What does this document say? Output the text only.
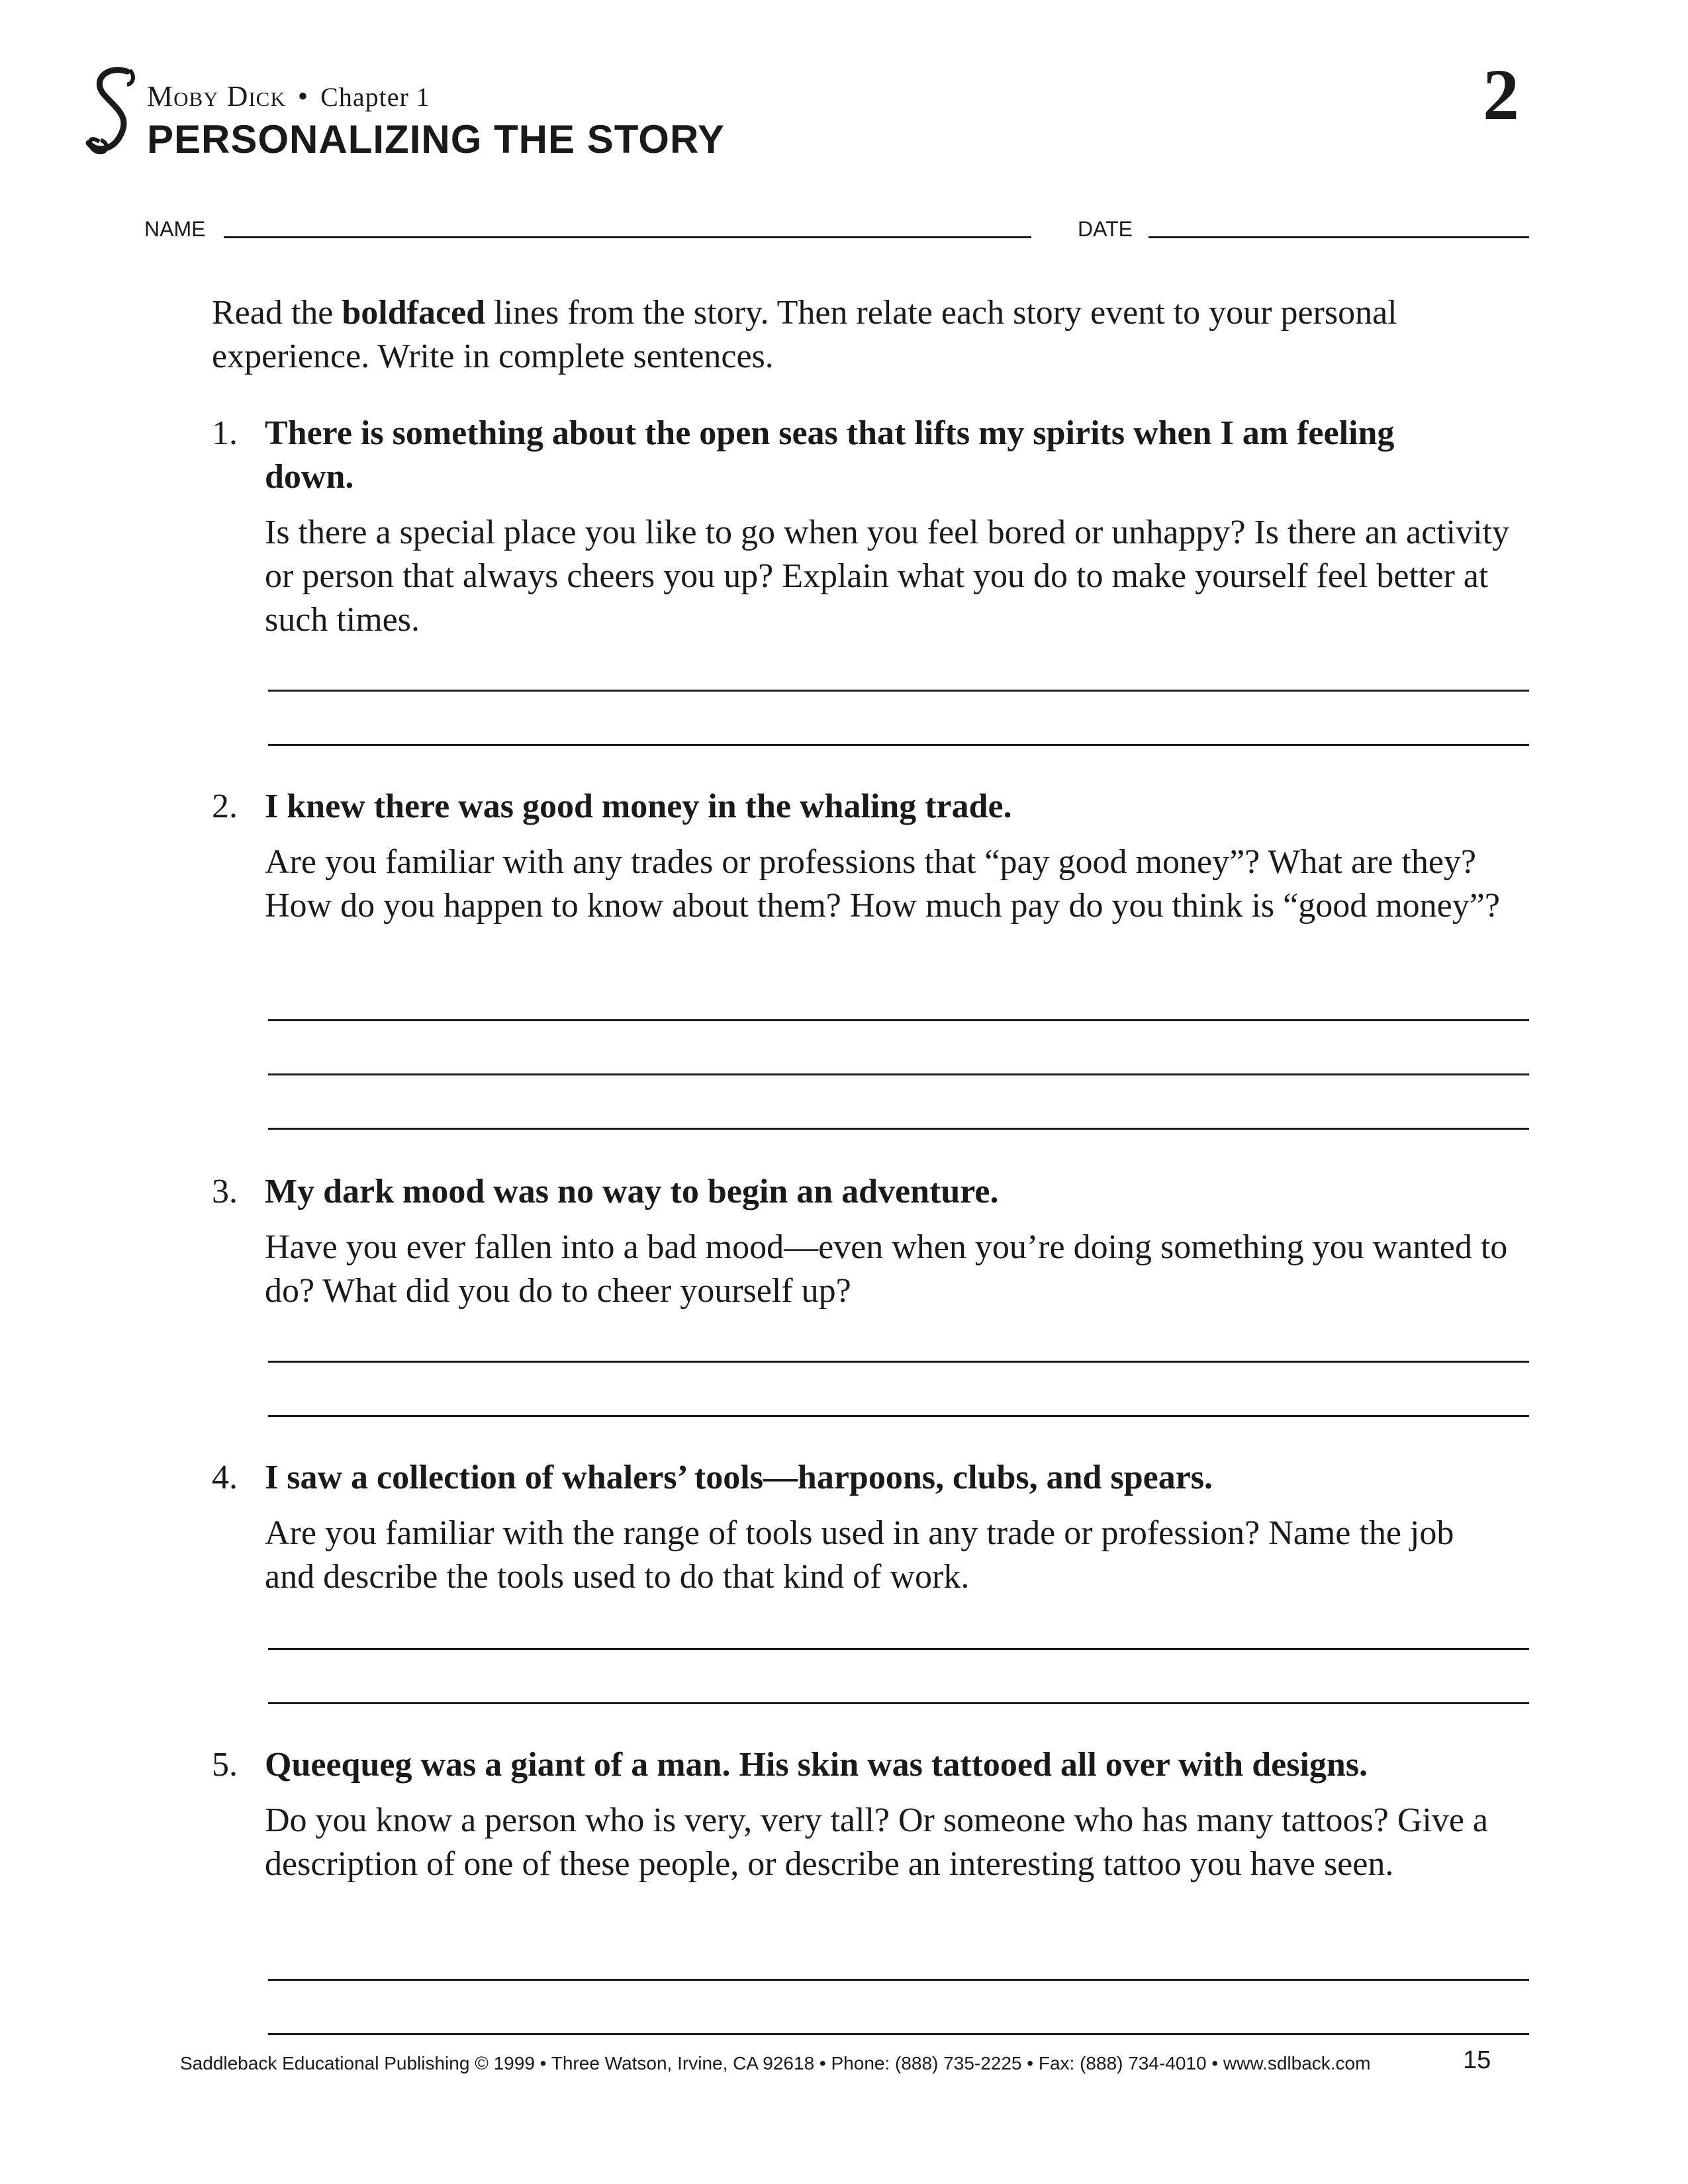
Moby Dick • Chapter 1
PERSONALIZING THE STORY
2
NAME	DATE
Read the boldfaced lines from the story. Then relate each story event to your personal experience. Write in complete sentences.
1. There is something about the open seas that lifts my spirits when I am feeling down.
Is there a special place you like to go when you feel bored or unhappy? Is there an activity or person that always cheers you up? Explain what you do to make yourself feel better at such times.
2. I knew there was good money in the whaling trade.
Are you familiar with any trades or professions that “pay good money”? What are they? How do you happen to know about them? How much pay do you think is “good money”?
3. My dark mood was no way to begin an adventure.
Have you ever fallen into a bad mood—even when you’re doing something you wanted to do? What did you do to cheer yourself up?
4. I saw a collection of whalers’ tools—harpoons, clubs, and spears.
Are you familiar with the range of tools used in any trade or profession? Name the job and describe the tools used to do that kind of work.
5. Queequeg was a giant of a man. His skin was tattooed all over with designs.
Do you know a person who is very, very tall? Or someone who has many tattoos? Give a description of one of these people, or describe an interesting tattoo you have seen.
Saddleback Educational Publishing © 1999 • Three Watson, Irvine, CA 92618 • Phone: (888) 735-2225 • Fax: (888) 734-4010 • www.sdlback.com	15
